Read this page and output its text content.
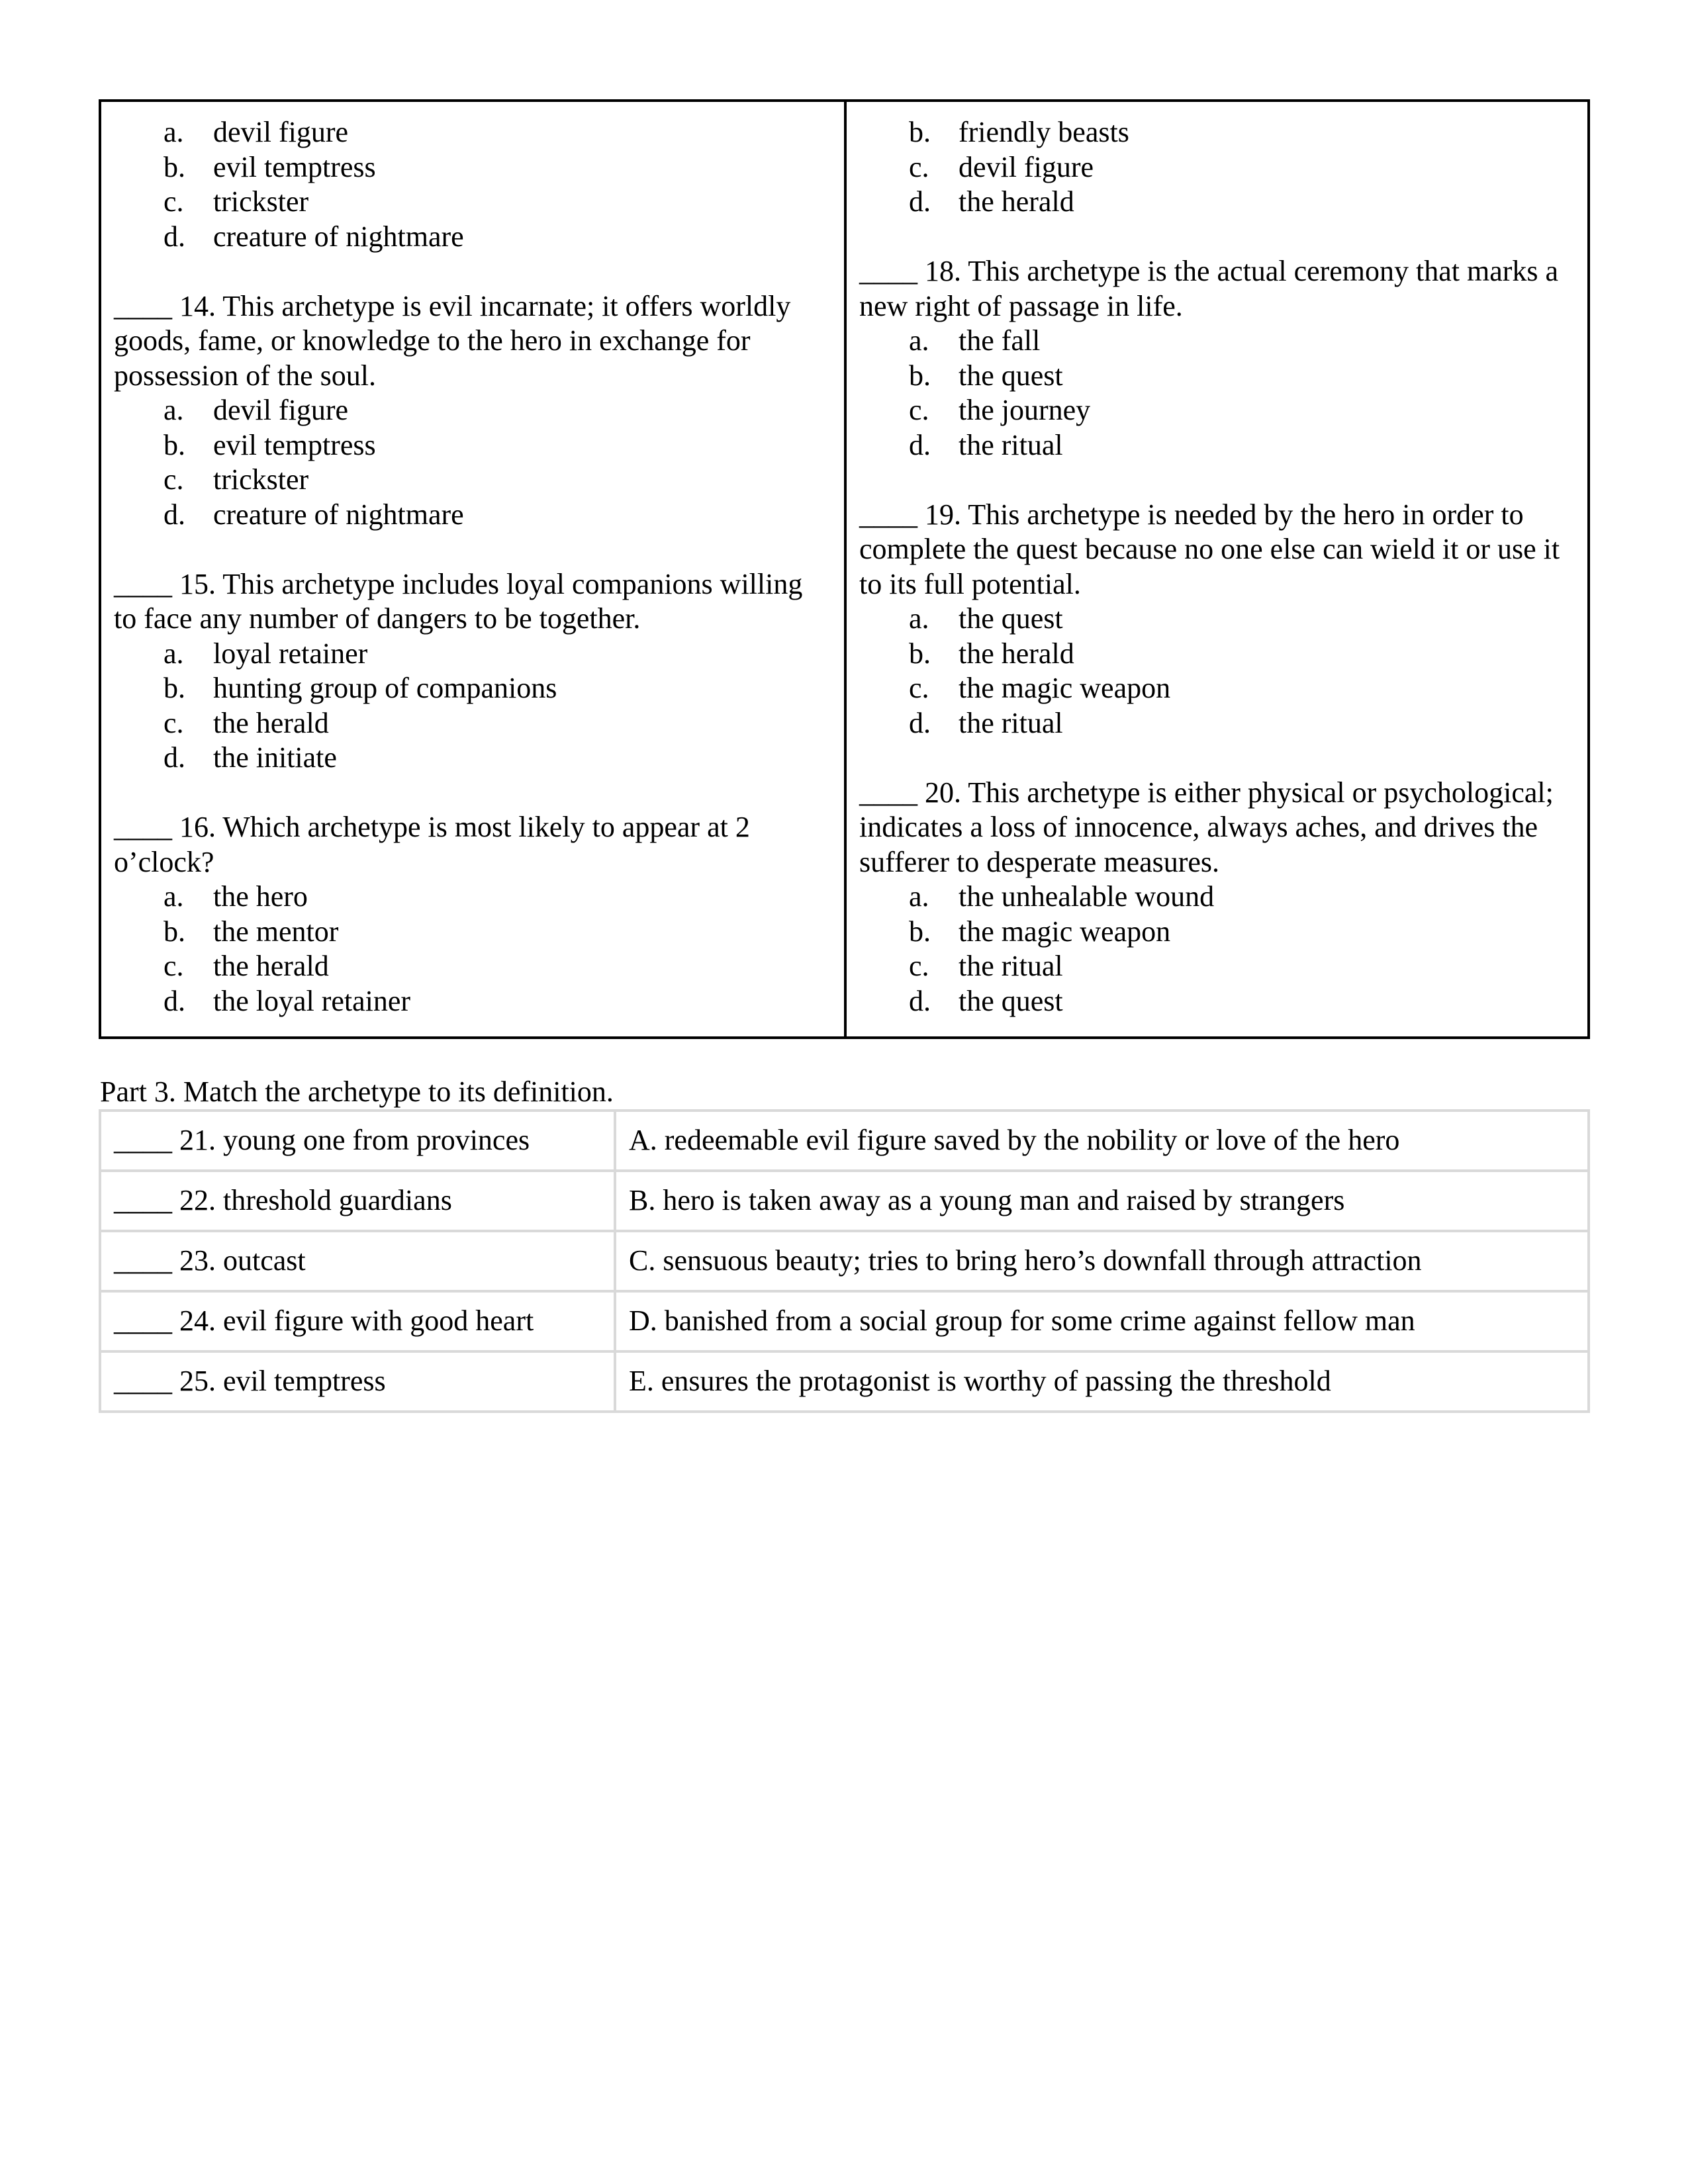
a.	devil figure
b. evil temptress
c.	trickster
d. creature of nightmare

____ 14. This archetype is evil incarnate; it offers worldly goods, fame, or knowledge to the hero in exchange for possession of the soul.

a.	devil figure
b. evil temptress
c.	trickster
d. creature of nightmare

____ 15. This archetype includes loyal companions willing to face any number of dangers to be together.

a.	loyal retainer
b. hunting group of companions
c.	the herald
d. the initiate

____ 16. Which archetype is most likely to appear at 2 o’clock?

a.	the hero
b. the mentor
c.	the herald
d. the loyal retainer
b. friendly beasts
c.	devil figure
d. the herald

____ 18. This archetype is the actual ceremony that marks a new right of passage in life.

a.	the fall
b. the quest
c.	the journey
d. the ritual

____ 19. This archetype is needed by the hero in order to complete the quest because no one else can wield it or use it to its full potential.

a.	the quest
b. the herald
c.	the magic weapon
d. the ritual

____ 20. This archetype is either physical or psychological; indicates a loss of innocence, always aches, and drives the sufferer to desperate measures.

a.	the unhealable wound
b. the magic weapon
c.	the ritual
d. the quest
Part 3. Match the archetype to its definition.
____ 21. young one from provinces	A. redeemable evil figure saved by the nobility or love of the hero
____ 22. threshold guardians	B. hero is taken away as a young man and raised by strangers
____ 23. outcast	C. sensuous beauty; tries to bring hero’s downfall through attraction
____ 24. evil figure with good heart	D. banished from a social group for some crime against fellow man
____ 25. evil temptress	E. ensures the protagonist is worthy of passing the threshold
